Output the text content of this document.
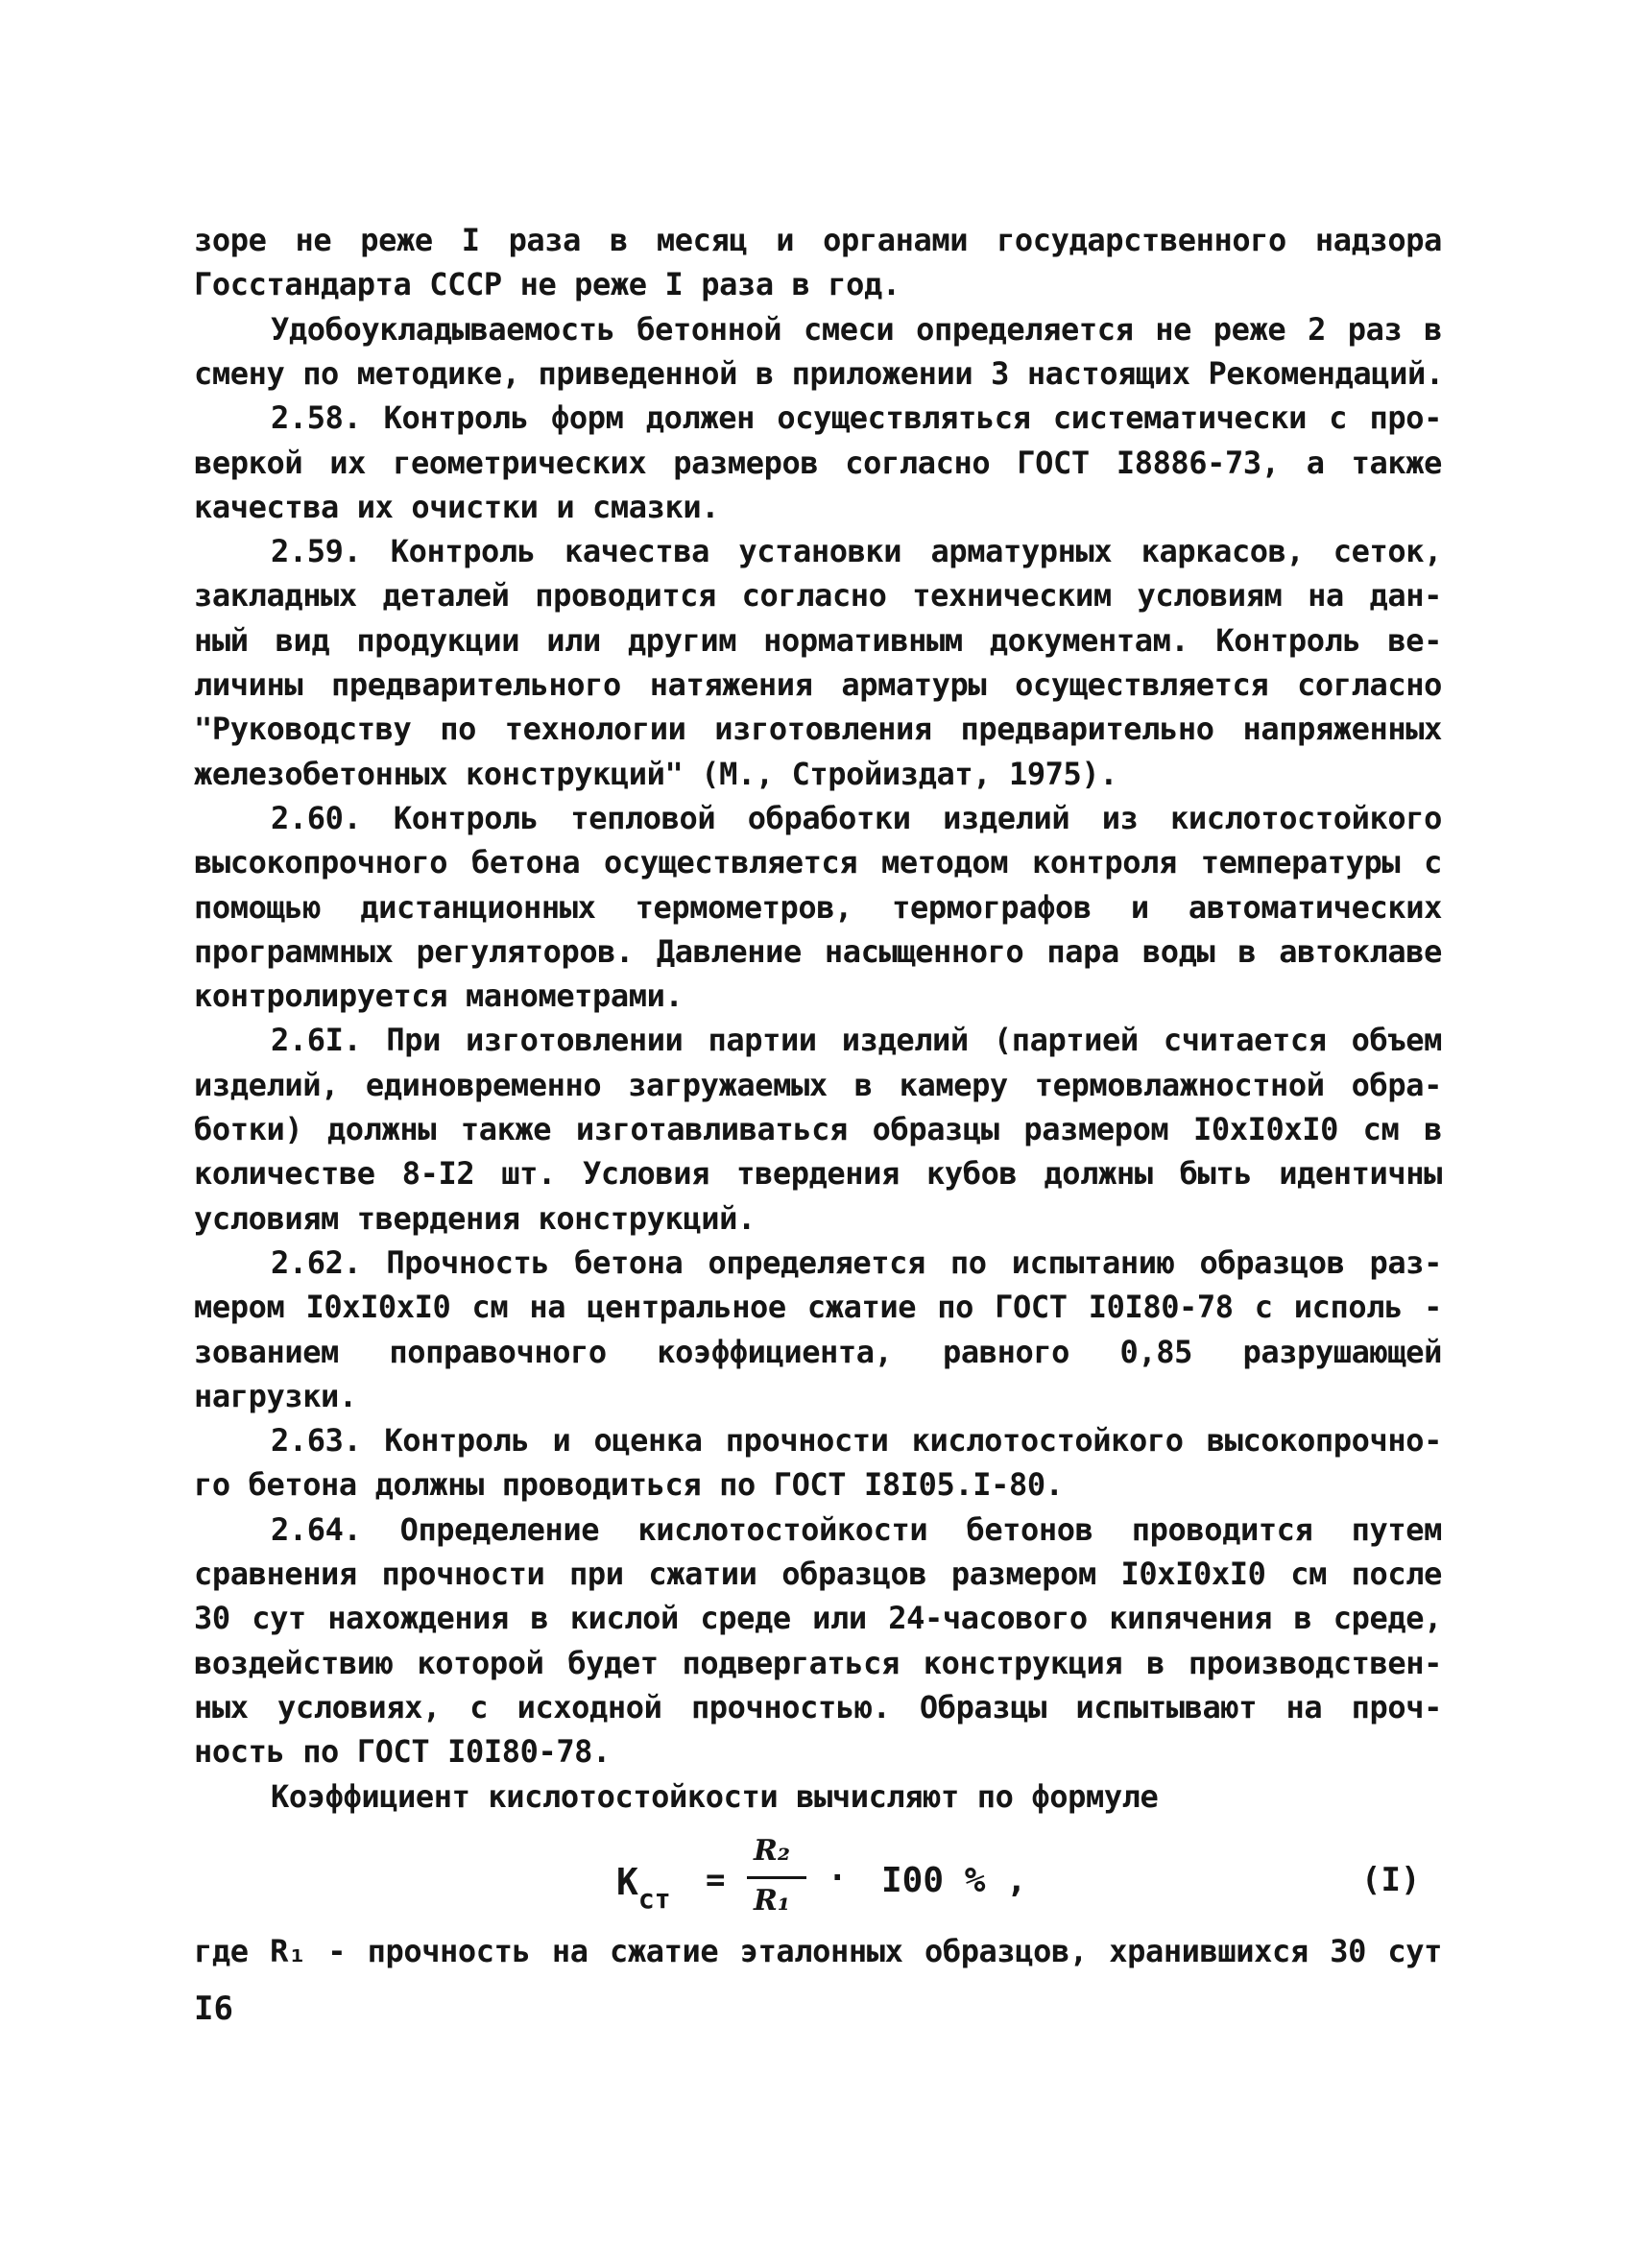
зоре не реже I раза в месяц и органами государственного надзора
Госстандарта СССР не реже I раза в год.
Удобоукладываемость бетонной смеси определяется не реже 2 раз в
смену по методике, приведенной в приложении 3 настоящих Рекомендаций.
2.58. Контроль форм должен осуществляться систематически с про-
веркой их геометрических размеров согласно ГОСТ I8886-73, а также
качества их очистки и смазки.
2.59. Контроль качества установки арматурных каркасов, сеток,
закладных деталей проводится согласно техническим условиям на дан-
ный вид продукции или другим нормативным документам. Контроль ве-
личины предварительного натяжения арматуры осуществляется согласно
"Руководству по технологии изготовления предварительно напряженных
железобетонных конструкций" (М., Стройиздат, 1975).
2.60. Контроль тепловой обработки изделий из кислотостойкого
высокопрочного бетона осуществляется методом контроля температуры с
помощью дистанционных термометров, термографов и автоматических
программных регуляторов. Давление насыщенного пара воды в автоклаве
контролируется манометрами.
2.6I. При изготовлении партии изделий (партией считается объем
изделий, единовременно загружаемых в камеру термовлажностной обра-
ботки) должны также изготавливаться образцы размером I0xI0xI0 см в
количестве 8-I2 шт. Условия твердения кубов должны быть идентичны
условиям твердения конструкций.
2.62. Прочность бетона определяется по испытанию образцов раз-
мером I0xI0xI0 см на центральное сжатие по ГОСТ I0I80-78 с исполь -
зованием поправочного коэффициента, равного 0,85 разрушающей
нагрузки.
2.63. Контроль и оценка прочности кислотостойкого высокопрочно-
го бетона должны проводиться по ГОСТ I8I05.I-80.
2.64. Определение кислотостойкости бетонов проводится путем
сравнения прочности при сжатии образцов размером I0xI0xI0 см после
30 сут нахождения в кислой среде или 24-часового кипячения в среде,
воздействию которой будет подвергаться конструкция в производствен-
ных условиях, с исходной прочностью. Образцы испытывают на проч-
ность по ГОСТ I0I80-78.
Коэффициент кислотостойкости вычисляют по формуле
$K_{ст}$ =
R₂
R₁
· I00 % ,	(I)
где R₁ - прочность на сжатие эталонных образцов, хранившихся 30 сут
I6
